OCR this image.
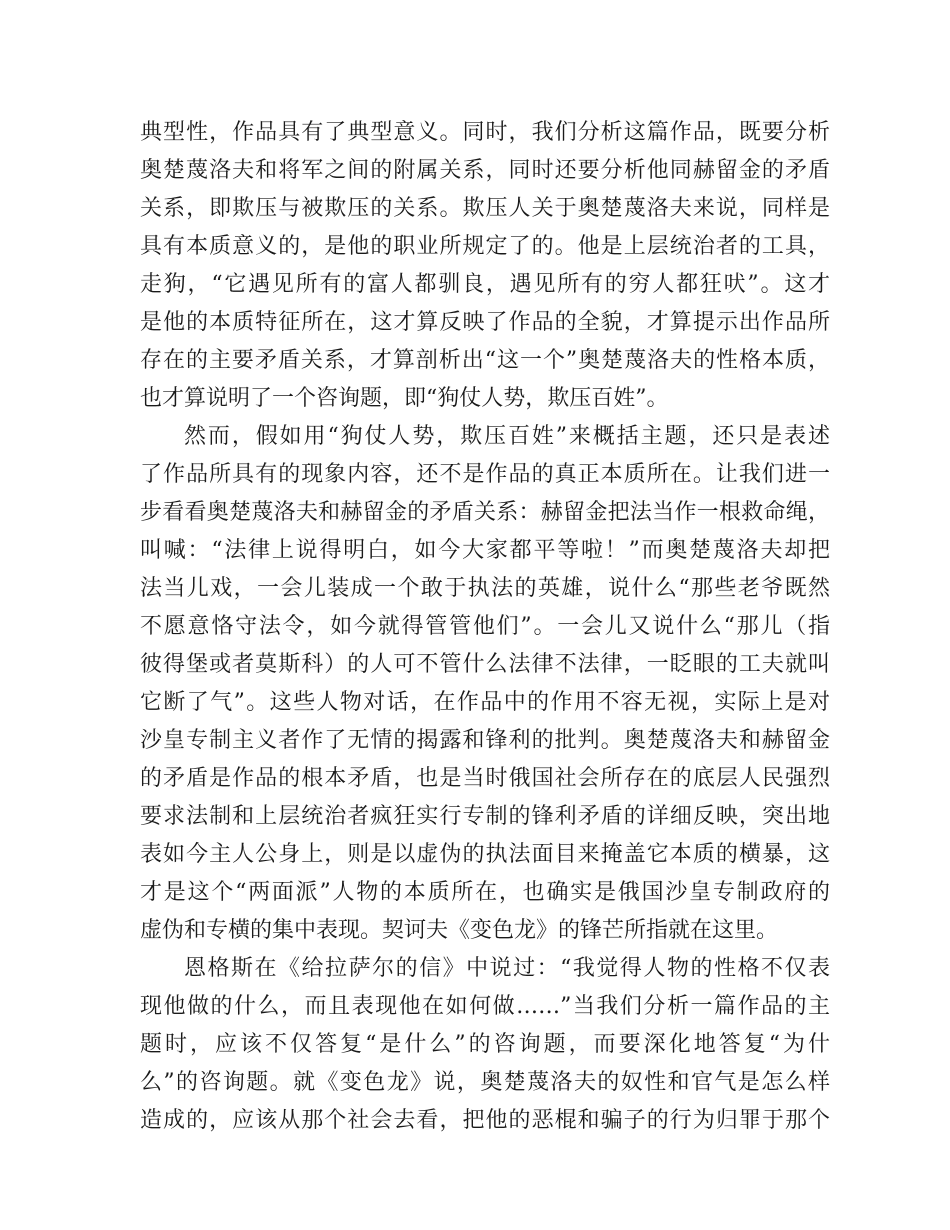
典型性，作品具有了典型意义。同时，我们分析这篇作品，既要分析
奥楚蔑洛夫和将军之间的附属关系，同时还要分析他同赫留金的矛盾
关系，即欺压与被欺压的关系。欺压人关于奥楚蔑洛夫来说，同样是
具有本质意义的，是他的职业所规定了的。他是上层统治者的工具，
走狗，“它遇见所有的富人都驯良，遇见所有的穷人都狂吠”。这才
是他的本质特征所在，这才算反映了作品的全貌，才算提示出作品所
存在的主要矛盾关系，才算剖析出“这一个”奥楚蔑洛夫的性格本质，
也才算说明了一个咨询题，即“狗仗人势，欺压百姓”。
然而，假如用“狗仗人势，欺压百姓”来概括主题，还只是表述
了作品所具有的现象内容，还不是作品的真正本质所在。让我们进一
步看看奥楚蔑洛夫和赫留金的矛盾关系：赫留金把法当作一根救命绳，
叫喊：“法律上说得明白，如今大家都平等啦！”而奥楚蔑洛夫却把
法当儿戏，一会儿装成一个敢于执法的英雄，说什么“那些老爷既然
不愿意恪守法令，如今就得管管他们”。一会儿又说什么“那儿（指
彼得堡或者莫斯科）的人可不管什么法律不法律，一眨眼的工夫就叫
它断了气”。这些人物对话，在作品中的作用不容无视，实际上是对
沙皇专制主义者作了无情的揭露和锋利的批判。奥楚蔑洛夫和赫留金
的矛盾是作品的根本矛盾，也是当时俄国社会所存在的底层人民强烈
要求法制和上层统治者疯狂实行专制的锋利矛盾的详细反映，突出地
表如今主人公身上，则是以虚伪的执法面目来掩盖它本质的横暴，这
才是这个“两面派”人物的本质所在，也确实是俄国沙皇专制政府的
虚伪和专横的集中表现。契诃夫《变色龙》的锋芒所指就在这里。
恩格斯在《给拉萨尔的信》中说过：“我觉得人物的性格不仅表
现他做的什么，而且表现他在如何做……”当我们分析一篇作品的主
题时，应该不仅答复“是什么”的咨询题，而要深化地答复“为什
么”的咨询题。就《变色龙》说，奥楚蔑洛夫的奴性和官气是怎么样
造成的，应该从那个社会去看，把他的恶棍和骗子的行为归罪于那个
